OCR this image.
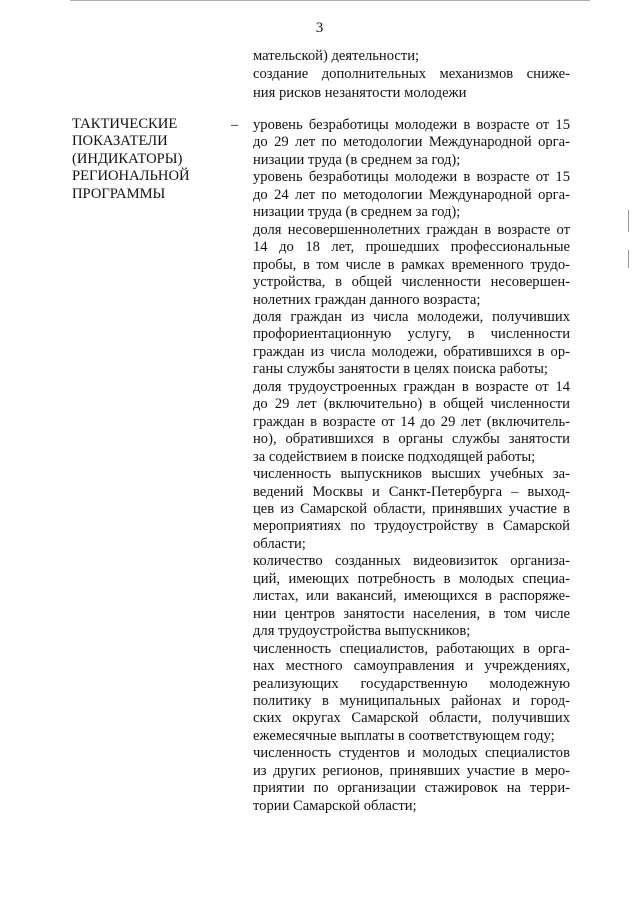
3
мательской) деятельности;
создание дополнительных механизмов сниже-
ния рисков незанятости молодежи
ТАКТИЧЕСКИЕ
ПОКАЗАТЕЛИ
(ИНДИКАТОРЫ)
РЕГИОНАЛЬНОЙ
ПРОГРАММЫ
– уровень безработицы молодежи в возрасте от 15
до 29 лет по методологии Международной орга-
низации труда (в среднем за год);
уровень безработицы молодежи в возрасте от 15
до 24 лет по методологии Международной орга-
низации труда (в среднем за год);
доля несовершеннолетних граждан в возрасте от
14 до 18 лет, прошедших профессиональные
пробы, в том числе в рамках временного трудо-
устройства, в общей численности несовершен-
нолетних граждан данного возраста;
доля граждан из числа молодежи, получивших
профориентационную услугу, в численности
граждан из числа молодежи, обратившихся в ор-
ганы службы занятости в целях поиска работы;
доля трудоустроенных граждан в возрасте от 14
до 29 лет (включительно) в общей численности
граждан в возрасте от 14 до 29 лет (включитель-
но), обратившихся в органы службы занятости
за содействием в поиске подходящей работы;
численность выпускников высших учебных за-
ведений Москвы и Санкт-Петербурга – выход-
цев из Самарской области, принявших участие в
мероприятиях по трудоустройству в Самарской
области;
количество созданных видеовизиток организа-
ций, имеющих потребность в молодых специа-
листах, или вакансий, имеющихся в распоряже-
нии центров занятости населения, в том числе
для трудоустройства выпускников;
численность специалистов, работающих в орга-
нах местного самоуправления и учреждениях,
реализующих государственную молодежную
политику в муниципальных районах и город-
ских округах Самарской области, получивших
ежемесячные выплаты в соответствующем году;
численность студентов и молодых специалистов
из других регионов, принявших участие в меро-
приятии по организации стажировок на терри-
тории Самарской области;
